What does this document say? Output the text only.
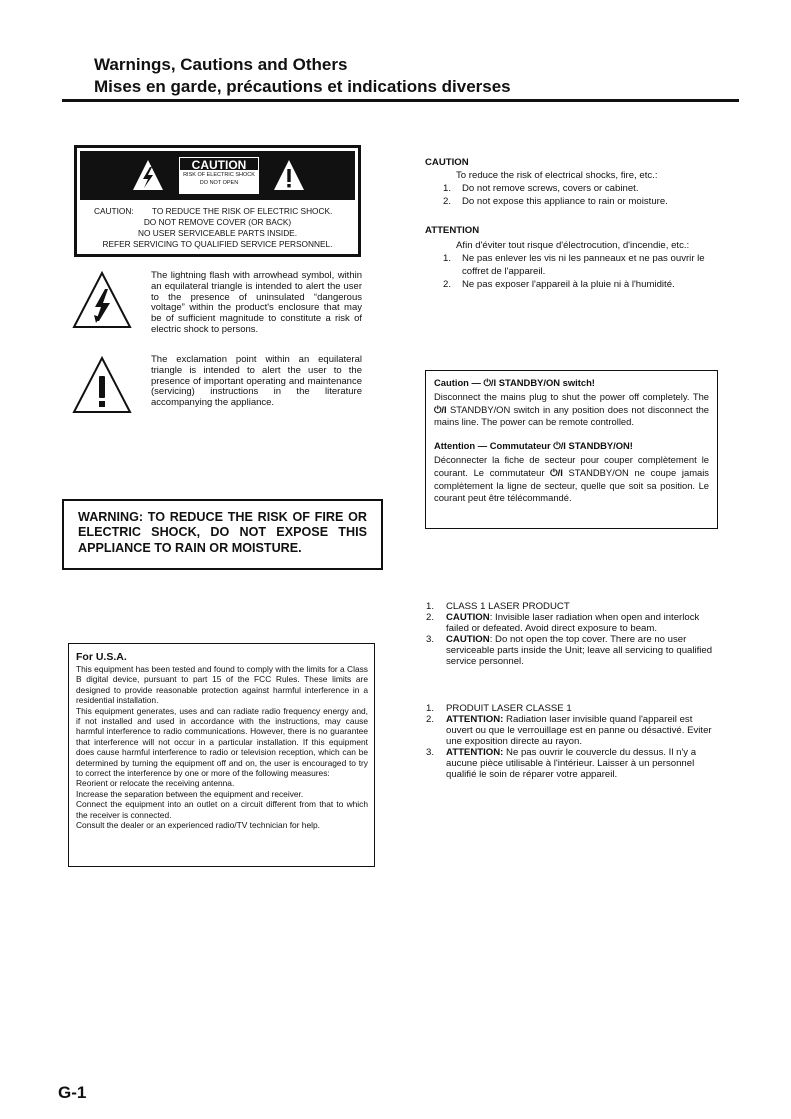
Warnings, Cautions and Others
Mises en garde, précautions et indications diverses
CAUTION
RISK OF ELECTRIC SHOCK
DO NOT OPEN
CAUTION:        TO REDUCE THE RISK OF ELECTRIC SHOCK.
DO NOT REMOVE COVER (OR BACK)
NO USER SERVICEABLE PARTS INSIDE.
REFER SERVICING TO QUALIFIED SERVICE PERSONNEL.
The lightning flash with arrowhead symbol, within an equilateral triangle is intended to alert the user to the presence of uninsulated “dangerous voltage” within the product's enclosure that may be of sufficient magnitude to constitute a risk of electric shock to persons.
The exclamation point within an equilateral triangle is intended to alert the user to the presence of important operating and maintenance (servicing) instructions in the literature accompanying the appliance.
WARNING: TO REDUCE THE RISK OF FIRE OR ELECTRIC SHOCK, DO NOT EXPOSE THIS APPLIANCE TO RAIN OR MOISTURE.
For U.S.A.

This equipment has been tested and found to comply with the limits for a Class B digital device, pursuant to part 15 of the FCC Rules. These limits are designed to provide reasonable protection against harmful interference in a residential installation.

This equipment generates, uses and can radiate radio frequency energy and, if not installed and used in accordance with the instructions, may cause harmful interference to radio communications. However, there is no guarantee that interference will not occur in a particular installation. If this equipment does cause harmful interference to radio or television reception, which can be determined by turning the equipment off and on, the user is encouraged to try to correct the interference by one or more of the following measures:

Reorient or relocate the receiving antenna.

Increase the separation between the equipment and receiver.

Connect the equipment into an outlet on a circuit different from that to which the receiver is connected.

Consult the dealer or an experienced radio/TV technician for help.

CAUTION
To reduce the risk of electrical shocks, fire, etc.:
1.	Do not remove screws, covers or cabinet.
2.	Do not expose this appliance to rain or moisture.
ATTENTION
Afin d'éviter tout risque d'électrocution, d'incendie, etc.:
1.	Ne pas enlever les vis ni les panneaux et ne pas ouvrir le coffret de l'appareil.
2.	Ne pas exposer l'appareil à la pluie ni à l'humidité.
Caution — ⏻/I STANDBY/ON switch!

Disconnect the mains plug to shut the power off completely. The ⏻/I STANDBY/ON switch in any position does not disconnect the mains line. The power can be remote controlled.

Attention — Commutateur ⏻/I STANDBY/ON!

Déconnecter la fiche de secteur pour couper complètement le courant. Le commutateur ⏻/I STANDBY/ON ne coupe jamais complètement la ligne de secteur, quelle que soit sa position. Le courant peut être télécommandé.

1.	CLASS 1 LASER PRODUCT
2.	CAUTION: Invisible laser radiation when open and interlock failed or defeated. Avoid direct exposure to beam.
3.	CAUTION: Do not open the top cover. There are no user serviceable parts inside the Unit; leave all servicing to qualified service personnel.
1.	PRODUIT LASER CLASSE 1
2.	ATTENTION: Radiation laser invisible quand l'appareil est ouvert ou que le verrouillage est en panne ou désactivé. Eviter une exposition directe au rayon.
3.	ATTENTION: Ne pas ouvrir le couvercle du dessus. Il n'y a aucune pièce utilisable à l'intérieur. Laisser à un personnel qualifié le soin de réparer votre appareil.
G-1
